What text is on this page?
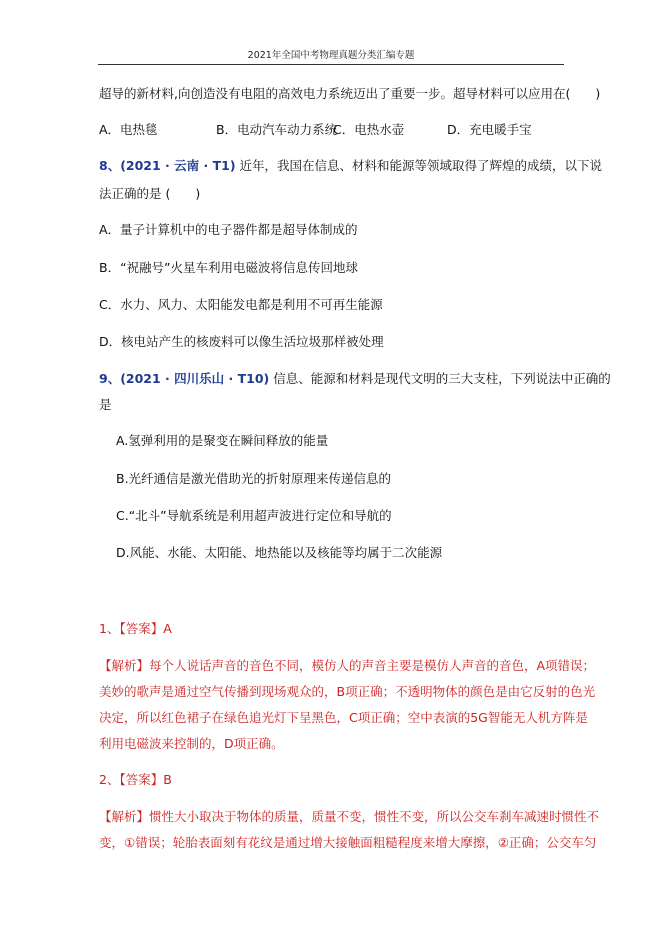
2021年全国中考物理真题分类汇编专题
超导的新材料,向创造没有电阻的高效电力系统迈出了重要一步。超导材料可以应用在(　　)
A．电热毯	B．电动汽车动力系统C．电热水壶	D．充电暖手宝
8、(2021 · 云南 · T1) 近年，我国在信息、材料和能源等领域取得了辉煌的成绩，以下说
法正确的是 (　　)
A．量子计算机中的电子器件都是超导体制成的
B．“祝融号”火星车利用电磁波将信息传回地球
C．水力、风力、太阳能发电都是利用不可再生能源
D．核电站产生的核废料可以像生活垃圾那样被处理
9、(2021 · 四川乐山 · T10) 信息、能源和材料是现代文明的三大支柱，下列说法中正确的
是
A.氢弹利用的是聚变在瞬间释放的能量
B.光纤通信是激光借助光的折射原理来传递信息的
C.“北斗”导航系统是利用超声波进行定位和导航的
D.风能、水能、太阳能、地热能以及核能等均属于二次能源
1、【答案】A
【解析】每个人说话声音的音色不同，模仿人的声音主要是模仿人声音的音色，A项错误；
美妙的歌声是通过空气传播到现场观众的，B项正确；不透明物体的颜色是由它反射的色光
决定，所以红色裙子在绿色追光灯下呈黑色，C项正确；空中表演的5G智能无人机方阵是
利用电磁波来控制的，D项正确。
2、【答案】B
【解析】惯性大小取决于物体的质量，质量不变，惯性不变，所以公交车刹车减速时惯性不
变，①错误；轮胎表面刻有花纹是通过增大接触面粗糙程度来增大摩擦，②正确；公交车匀
